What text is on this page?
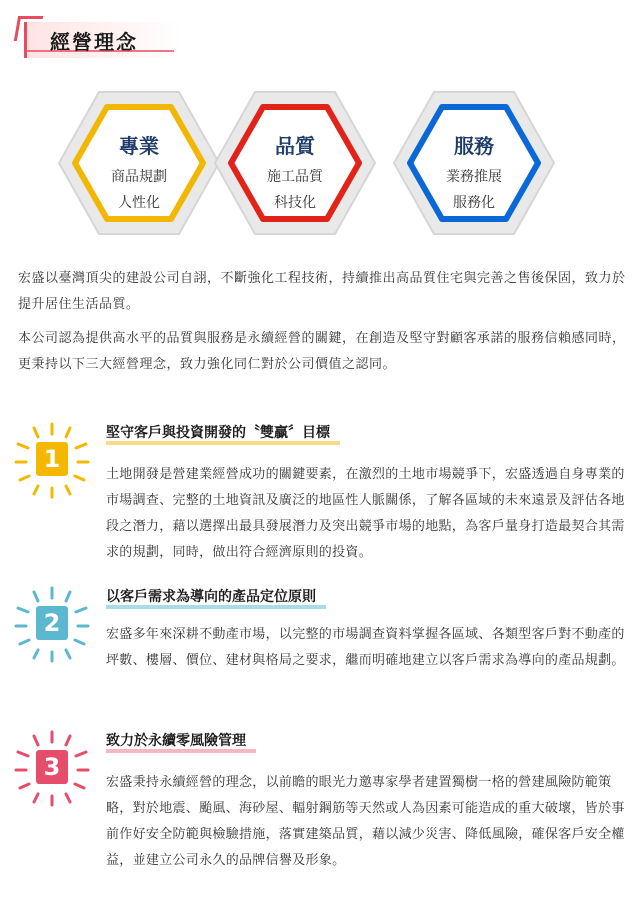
經營理念
專業
商品規劃
人性化
品質
施工品質
科技化
服務
業務推展
服務化
宏盛以臺灣頂尖的建設公司自詡，不斷強化工程技術，持續推出高品質住宅與完善之售後保固，致力於提升居住生活品質。
本公司認為提供高水平的品質與服務是永續經營的關鍵，在創造及堅守對顧客承諾的服務信賴感同時，更秉持以下三大經營理念，致力強化同仁對於公司價值之認同。
1
堅守客戶與投資開發的〝雙贏〞目標
土地開發是營建業經營成功的關鍵要素，在激烈的土地市場競爭下，宏盛透過自身專業的市場調查、完整的土地資訊及廣泛的地區性人脈關係，了解各區域的未來遠景及評估各地段之潛力，藉以選擇出最具發展潛力及突出競爭市場的地點，為客戶量身打造最契合其需求的規劃，同時，做出符合經濟原則的投資。
2
以客戶需求為導向的產品定位原則
宏盛多年來深耕不動產市場，以完整的市場調查資料掌握各區域、各類型客戶對不動產的坪數、樓層、價位、建材與格局之要求，繼而明確地建立以客戶需求為導向的產品規劃。
3
致力於永續零風險管理
宏盛秉持永續經營的理念，以前瞻的眼光力邀專家學者建置獨樹一格的營建風險防範策略，對於地震、颱風、海砂屋、輻射鋼筋等天然或人為因素可能造成的重大破壞，皆於事前作好安全防範與檢驗措施，落實建築品質，藉以減少災害、降低風險，確保客戶安全權益，並建立公司永久的品牌信譽及形象。
